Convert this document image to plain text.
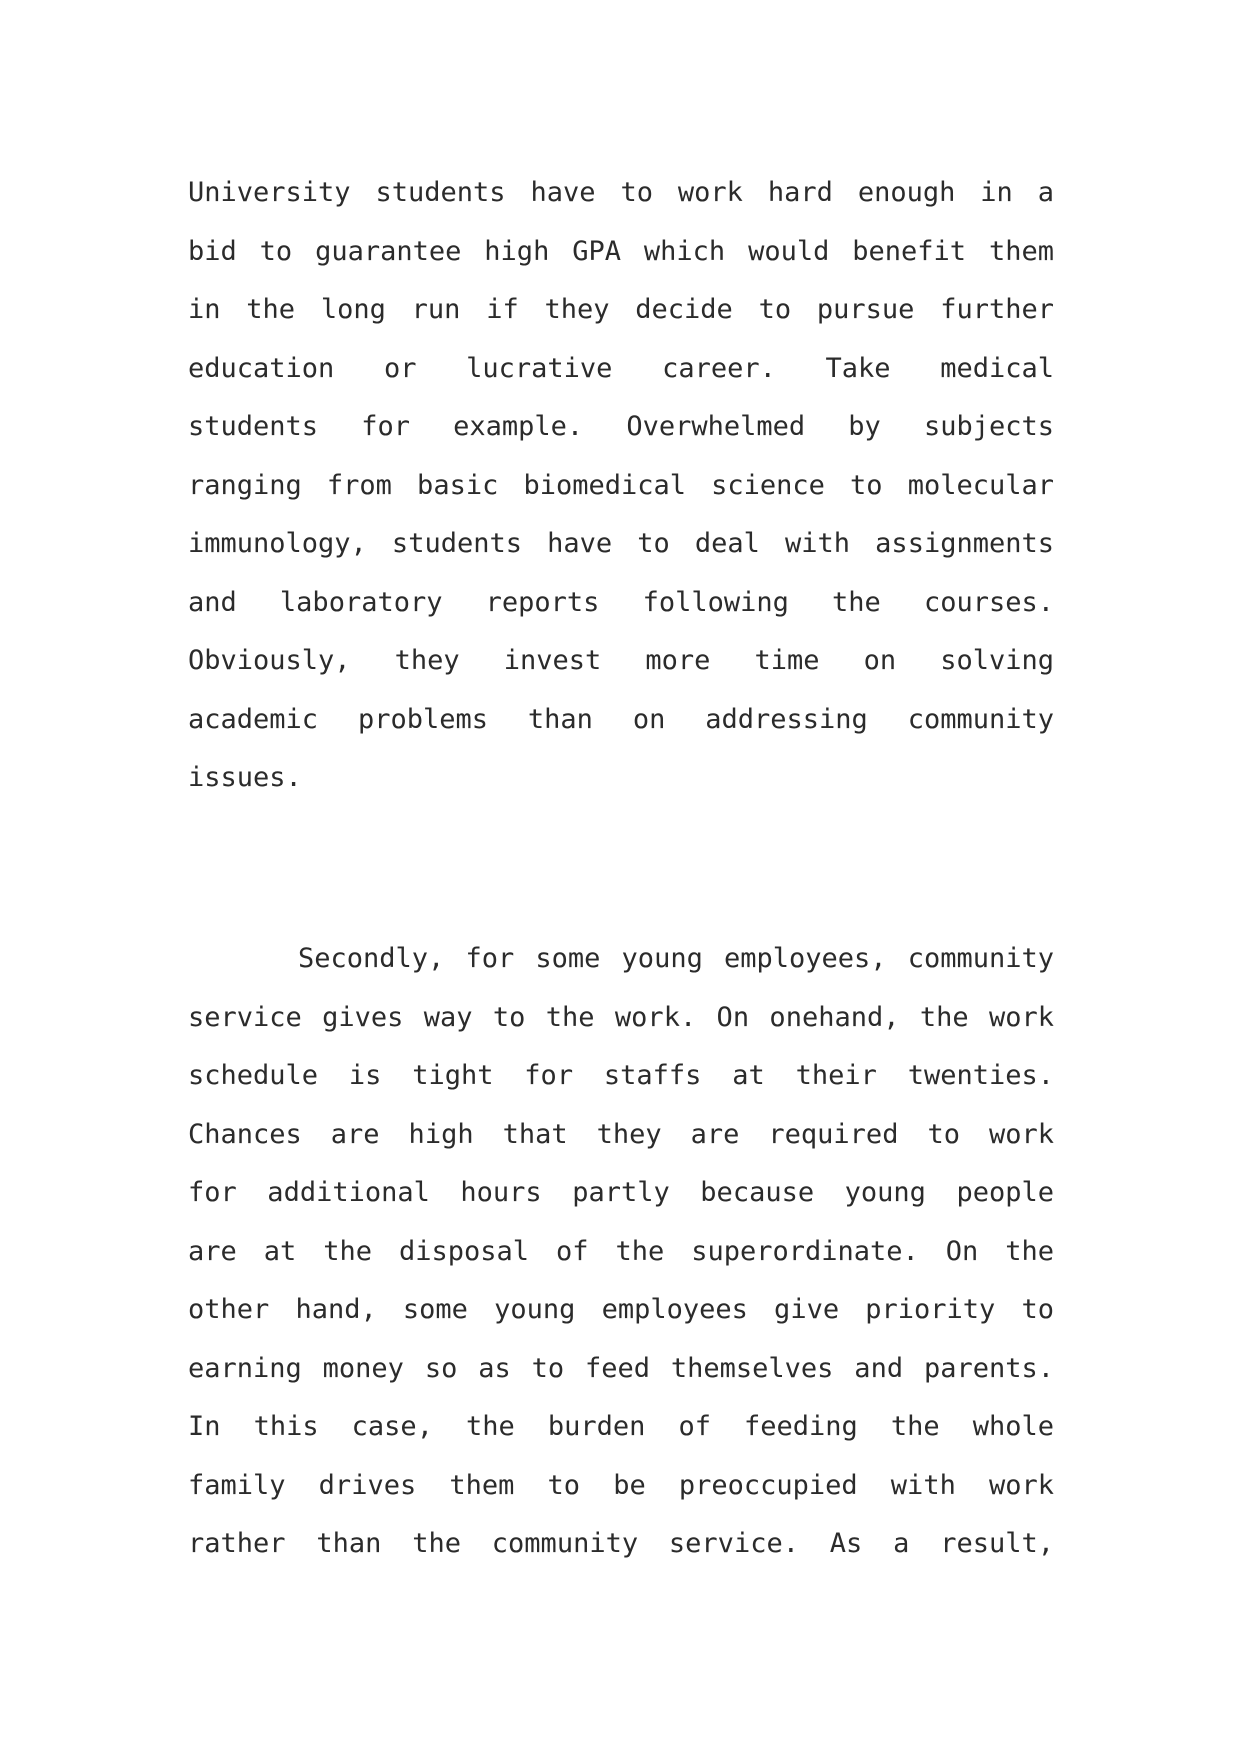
University students have to work hard enough in a
bid to guarantee high GPA which would benefit them
in the long run if they decide to pursue further
education or lucrative career. Take medical
students for example. Overwhelmed by subjects
ranging from basic biomedical science to molecular
immunology, students have to deal with assignments
and laboratory reports following the courses.
Obviously, they invest more time on solving
academic problems than on addressing community
issues.
Secondly, for some young employees, community
service gives way to the work. On onehand, the work
schedule is tight for staffs at their twenties.
Chances are high that they are required to work
for additional hours partly because young people
are at the disposal of the superordinate. On the
other hand, some young employees give priority to
earning money so as to feed themselves and parents.
In this case, the burden of feeding the whole
family drives them to be preoccupied with work
rather than the community service. As a result,
